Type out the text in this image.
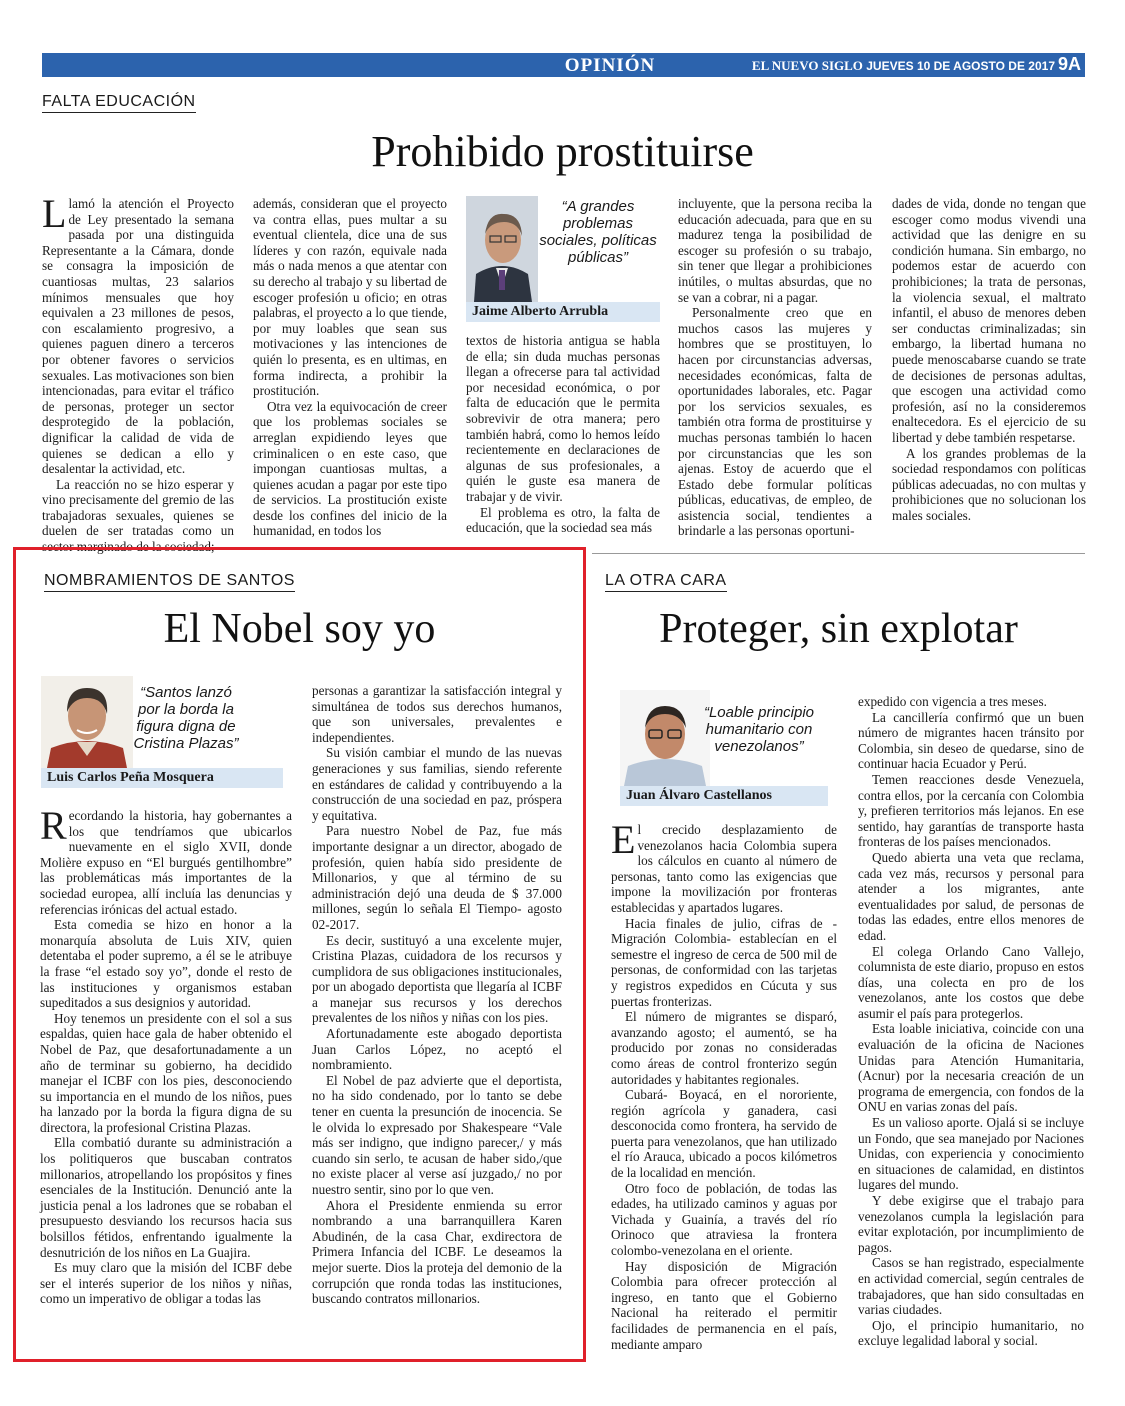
OPINIÓN	EL NUEVO SIGLO JUEVES 10 DE AGOSTO DE 2017 9A
FALTA EDUCACIÓN
Prohibido prostituirse

Llamó la atención el Proyecto de Ley presentado la semana pasada por una distinguida Representante a la Cámara, donde se consagra la imposición de cuantiosas multas, 23 salarios mínimos mensuales que hoy equivalen a 23 millones de pesos, con escalamiento progresivo, a quienes paguen dinero a terceros por obtener favores o servicios sexuales. Las motivaciones son bien intencionadas, para evitar el tráfico de personas, proteger un sector desprotegido de la población, dignificar la calidad de vida de quienes se dedican a ello y desalentar la actividad, etc.

La reacción no se hizo esperar y vino precisamente del gremio de las trabajadoras sexuales, quienes se duelen de ser tratadas como un sector marginado de la sociedad;

además, consideran que el proyecto va contra ellas, pues multar a su eventual clientela, dice una de sus líderes y con razón, equivale nada más o nada menos a que atentar con su derecho al trabajo y su libertad de escoger profesión u oficio; en otras palabras, el proyecto a lo que tiende, por muy loables que sean sus motivaciones y las intenciones de quién lo presenta, es en ultimas, en forma indirecta, a prohibir la prostitución.

Otra vez la equivocación de creer que los problemas sociales se arreglan expidiendo leyes que criminalicen o en este caso, que impongan cuantiosas multas, a quienes acudan a pagar por este tipo de servicios. La prostitución existe desde los confines del inicio de la humanidad, en todos los

“A grandes problemas sociales, políticas públicas”
Jaime Alberto Arrubla

textos de historia antigua se habla de ella; sin duda muchas personas llegan a ofrecerse para tal actividad por necesidad económica, o por falta de educación que le permita sobrevivir de otra manera; pero también habrá, como lo hemos leído recientemente en declaraciones de algunas de sus profesionales, a quién le guste esa manera de trabajar y de vivir.

El problema es otro, la falta de educación, que la sociedad sea más

incluyente, que la persona reciba la educación adecuada, para que en su madurez tenga la posibilidad de escoger su profesión o su trabajo, sin tener que llegar a prohibiciones inútiles, o multas absurdas, que no se van a cobrar, ni a pagar.

Personalmente creo que en muchos casos las mujeres y hombres que se prostituyen, lo hacen por circunstancias adversas, necesidades económicas, falta de oportunidades laborales, etc. Pagar por los servicios sexuales, es también otra forma de prostituirse y muchas personas también lo hacen por circunstancias que les son ajenas. Estoy de acuerdo que el Estado debe formular políticas públicas, educativas, de empleo, de asistencia social, tendientes a brindarle a las personas oportuni-

dades de vida, donde no tengan que escoger como modus vivendi una actividad que las denigre en su condición humana. Sin embargo, no podemos estar de acuerdo con prohibiciones; la trata de personas, la violencia sexual, el maltrato infantil, el abuso de menores deben ser conductas criminalizadas; sin embargo, la libertad humana no puede menoscabarse cuando se trate de decisiones de personas adultas, que escogen una actividad como profesión, así no la consideremos enaltecedora. Es el ejercicio de su libertad y debe también respetarse.

A los grandes problemas de la sociedad respondamos con políticas públicas adecuadas, no con multas y prohibiciones que no solucionan los males sociales.

NOMBRAMIENTOS DE SANTOS
El Nobel soy yo
“Santos lanzó por la borda la figura digna de Cristina Plazas”
Luis Carlos Peña Mosquera

Recordando la historia, hay gobernantes a los que tendríamos que ubicarlos nuevamente en el siglo XVII, donde Molière expuso en “El burgués gentilhombre” las problemáticas más importantes de la sociedad europea, allí incluía las denuncias y referencias irónicas del actual estado.

Esta comedia se hizo en honor a la monarquía absoluta de Luis XIV, quien detentaba el poder supremo, a él se le atribuye la frase “el estado soy yo”, donde el resto de las instituciones y organismos estaban supeditados a sus designios y autoridad.

Hoy tenemos un presidente con el sol a sus espaldas, quien hace gala de haber obtenido el Nobel de Paz, que desafortunadamente a un año de terminar su gobierno, ha decidido manejar el ICBF con los pies, desconociendo su importancia en el mundo de los niños, pues ha lanzado por la borda la figura digna de su directora, la profesional Cristina Plazas.

Ella combatió durante su administración a los politiqueros que buscaban contratos millonarios, atropellando los propósitos y fines esenciales de la Institución. Denunció ante la justicia penal a los ladrones que se robaban el presupuesto desviando los recursos hacia sus bolsillos fétidos, enfrentando igualmente la desnutrición de los niños en La Guajira.

Es muy claro que la misión del ICBF debe ser el interés superior de los niños y niñas, como un imperativo de obligar a todas las

personas a garantizar la satisfacción integral y simultánea de todos sus derechos humanos, que son universales, prevalentes e independientes.

Su visión cambiar el mundo de las nuevas generaciones y sus familias, siendo referente en estándares de calidad y contribuyendo a la construcción de una sociedad en paz, próspera y equitativa.

Para nuestro Nobel de Paz, fue más importante designar a un director, abogado de profesión, quien había sido presidente de Millonarios, y que al término de su administración dejó una deuda de $ 37.000 millones, según lo señala El Tiempo- agosto 02-2017.

Es decir, sustituyó a una excelente mujer, Cristina Plazas, cuidadora de los recursos y cumplidora de sus obligaciones institucionales, por un abogado deportista que llegaría al ICBF a manejar sus recursos y los derechos prevalentes de los niños y niñas con los pies.

Afortunadamente este abogado deportista Juan Carlos López, no aceptó el nombramiento.

El Nobel de paz advierte que el deportista, no ha sido condenado, por lo tanto se debe tener en cuenta la presunción de inocencia. Se le olvida lo expresado por Shakespeare “Vale más ser indigno, que indigno parecer,/ y más cuando sin serlo, te acusan de haber sido,/que no existe placer al verse así juzgado,/ no por nuestro sentir, sino por lo que ven.

Ahora el Presidente enmienda su error nombrando a una barranquillera Karen Abudinén, de la casa Char, exdirectora de Primera Infancia del ICBF. Le deseamos la mejor suerte. Dios la proteja del demonio de la corrupción que ronda todas las instituciones, buscando contratos millonarios.

LA OTRA CARA
Proteger, sin explotar
“Loable principio humanitario con venezolanos”
Juan Álvaro Castellanos

El crecido desplazamiento de venezolanos hacia Colombia supera los cálculos en cuanto al número de personas, tanto como las exigencias que impone la movilización por fronteras establecidas y apartados lugares.

Hacia finales de julio, cifras de -Migración Colombia- establecían en el semestre el ingreso de cerca de 500 mil de personas, de conformidad con las tarjetas y registros expedidos en Cúcuta y sus puertas fronterizas.

El número de migrantes se disparó, avanzando agosto; el aumentó, se ha producido por zonas no consideradas como áreas de control fronterizo según autoridades y habitantes regionales.

Cubará- Boyacá, en el nororiente, región agrícola y ganadera, casi desconocida como frontera, ha servido de puerta para venezolanos, que han utilizado el río Arauca, ubicado a pocos kilómetros de la localidad en mención.

Otro foco de población, de todas las edades, ha utilizado caminos y aguas por Vichada y Guainía, a través del río Orinoco que atraviesa la frontera colombo-venezolana en el oriente.

Hay disposición de Migración Colombia para ofrecer protección al ingreso, en tanto que el Gobierno Nacional ha reiterado el permitir facilidades de permanencia en el país, mediante amparo

expedido con vigencia a tres meses.

La cancillería confirmó que un buen número de migrantes hacen tránsito por Colombia, sin deseo de quedarse, sino de continuar hacia Ecuador y Perú.

Temen reacciones desde Venezuela, contra ellos, por la cercanía con Colombia y, prefieren territorios más lejanos. En ese sentido, hay garantías de transporte hasta fronteras de los países mencionados.

Quedo abierta una veta que reclama, cada vez más, recursos y personal para atender a los migrantes, ante eventualidades por salud, de personas de todas las edades, entre ellos menores de edad.

El colega Orlando Cano Vallejo, columnista de este diario, propuso en estos días, una colecta en pro de los venezolanos, ante los costos que debe asumir el país para protegerlos.

Esta loable iniciativa, coincide con una evaluación de la oficina de Naciones Unidas para Atención Humanitaria, (Acnur) por la necesaria creación de un programa de emergencia, con fondos de la ONU en varias zonas del país.

Es un valioso aporte. Ojalá si se incluye un Fondo, que sea manejado por Naciones Unidas, con experiencia y conocimiento en situaciones de calamidad, en distintos lugares del mundo.

Y debe exigirse que el trabajo para venezolanos cumpla la legislación para evitar explotación, por incumplimiento de pagos.

Casos se han registrado, especialmente en actividad comercial, según centrales de trabajadores, que han sido consultadas en varias ciudades.

Ojo, el principio humanitario, no excluye legalidad laboral y social.
